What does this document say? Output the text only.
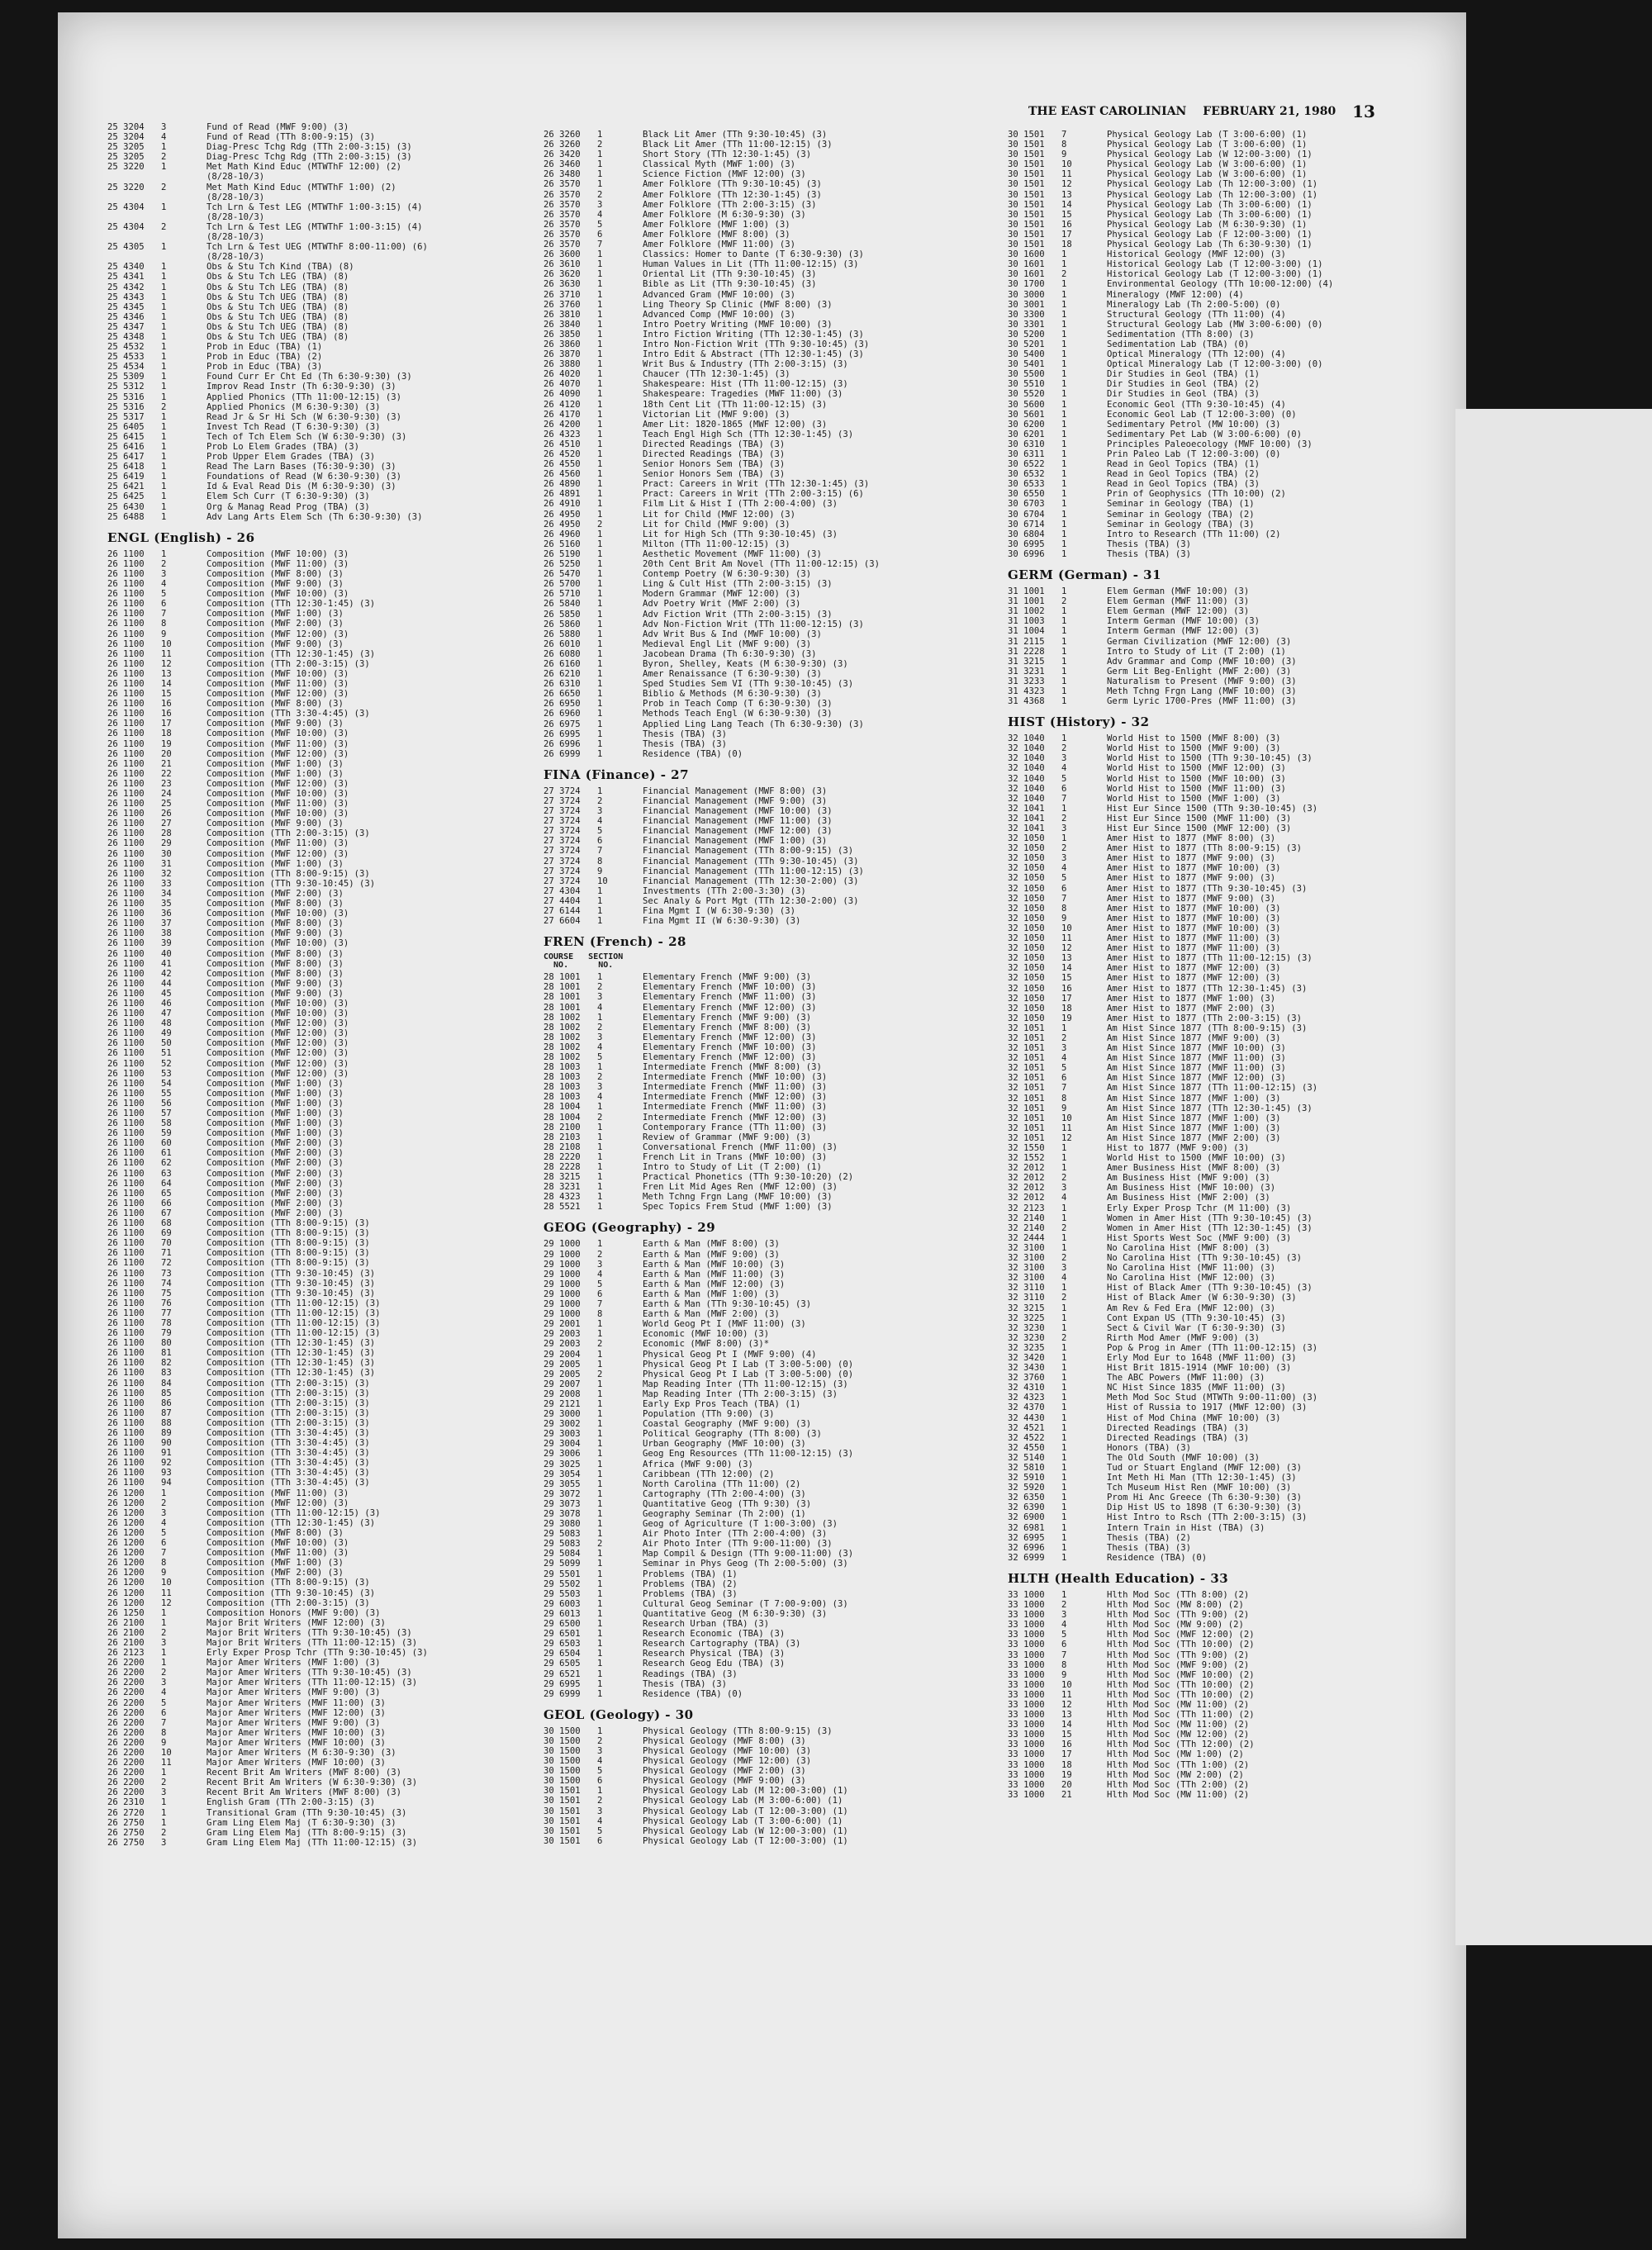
THE EAST CAROLINIAN FEBRUARY 21, 1980 13
25 3204	3	Fund of Read (MWF 9:00) (3)
25 3204	4	Fund of Read (TTh 8:00-9:15) (3)
25 3205	1	Diag-Presc Tchg Rdg (TTh 2:00-3:15) (3)
25 3205	2	Diag-Presc Tchg Rdg (TTh 2:00-3:15) (3)
25 3220	1	Met Math Kind Educ (MTWThF 12:00) (2)
(8/28-10/3)
25 3220	2	Met Math Kind Educ (MTWThF 1:00) (2)
(8/28-10/3)
25 4304	1	Tch Lrn & Test LEG (MTWThF 1:00-3:15) (4)
(8/28-10/3)
25 4304	2	Tch Lrn & Test LEG (MTWThF 1:00-3:15) (4)
(8/28-10/3)
25 4305	1	Tch Lrn & Test UEG (MTWThF 8:00-11:00) (6)
(8/28-10/3)
25 4340	1	Obs & Stu Tch Kind (TBA) (8)
25 4341	1	Obs & Stu Tch LEG (TBA) (8)
25 4342	1	Obs & Stu Tch LEG (TBA) (8)
25 4343	1	Obs & Stu Tch UEG (TBA) (8)
25 4345	1	Obs & Stu Tch UEG (TBA) (8)
25 4346	1	Obs & Stu Tch UEG (TBA) (8)
25 4347	1	Obs & Stu Tch UEG (TBA) (8)
25 4348	1	Obs & Stu Tch UEG (TBA) (8)
25 4532	1	Prob in Educ (TBA) (1)
25 4533	1	Prob in Educ (TBA) (2)
25 4534	1	Prob in Educ (TBA) (3)
25 5309	1	Found Curr Er Cht Ed (Th 6:30-9:30) (3)
25 5312	1	Improv Read Instr (Th 6:30-9:30) (3)
25 5316	1	Applied Phonics (TTh 11:00-12:15) (3)
25 5316	2	Applied Phonics (M 6:30-9:30) (3)
25 5317	1	Read Jr & Sr Hi Sch (W 6:30-9:30) (3)
25 6405	1	Invest Tch Read (T 6:30-9:30) (3)
25 6415	1	Tech of Tch Elem Sch (W 6:30-9:30) (3)
25 6416	1	Prob Lo Elem Grades (TBA) (3)
25 6417	1	Prob Upper Elem Grades (TBA) (3)
25 6418	1	Read The Larn Bases (T6:30-9:30) (3)
25 6419	1	Foundations of Read (W 6:30-9:30) (3)
25 6421	1	Id & Eval Read Dis (M 6:30-9:30) (3)
25 6425	1	Elem Sch Curr (T 6:30-9:30) (3)
25 6430	1	Org & Manag Read Prog (TBA) (3)
25 6488	1	Adv Lang Arts Elem Sch (Th 6:30-9:30) (3)
ENGL (English) - 26
26 1100	1	Composition (MWF 10:00) (3)
26 1100	2	Composition (MWF 11:00) (3)
26 1100	3	Composition (MWF 8:00) (3)
26 1100	4	Composition (MWF 9:00) (3)
26 1100	5	Composition (MWF 10:00) (3)
26 1100	6	Composition (TTh 12:30-1:45) (3)
26 1100	7	Composition (MWF 1:00) (3)
26 1100	8	Composition (MWF 2:00) (3)
26 1100	9	Composition (MWF 12:00) (3)
26 1100	10	Composition (MWF 9:00) (3)
26 1100	11	Composition (TTh 12:30-1:45) (3)
26 1100	12	Composition (TTh 2:00-3:15) (3)
26 1100	13	Composition (MWF 10:00) (3)
26 1100	14	Composition (MWF 11:00) (3)
26 1100	15	Composition (MWF 12:00) (3)
26 1100	16	Composition (MWF 8:00) (3)
26 1100	16	Composition (TTh 3:30-4:45) (3)
26 1100	17	Composition (MWF 9:00) (3)
26 1100	18	Composition (MWF 10:00) (3)
26 1100	19	Composition (MWF 11:00) (3)
26 1100	20	Composition (MWF 12:00) (3)
26 1100	21	Composition (MWF 1:00) (3)
26 1100	22	Composition (MWF 1:00) (3)
26 1100	23	Composition (MWF 12:00) (3)
26 1100	24	Composition (MWF 10:00) (3)
26 1100	25	Composition (MWF 11:00) (3)
26 1100	26	Composition (MWF 10:00) (3)
26 1100	27	Composition (MWF 9:00) (3)
26 1100	28	Composition (TTh 2:00-3:15) (3)
26 1100	29	Composition (MWF 11:00) (3)
26 1100	30	Composition (MWF 12:00) (3)
26 1100	31	Composition (MWF 1:00) (3)
26 1100	32	Composition (TTh 8:00-9:15) (3)
26 1100	33	Composition (TTh 9:30-10:45) (3)
26 1100	34	Composition (MWF 2:00) (3)
26 1100	35	Composition (MWF 8:00) (3)
26 1100	36	Composition (MWF 10:00) (3)
26 1100	37	Composition (MWF 8:00) (3)
26 1100	38	Composition (MWF 9:00) (3)
26 1100	39	Composition (MWF 10:00) (3)
26 1100	40	Composition (MWF 8:00) (3)
26 1100	41	Composition (MWF 8:00) (3)
26 1100	42	Composition (MWF 8:00) (3)
26 1100	44	Composition (MWF 9:00) (3)
26 1100	45	Composition (MWF 9:00) (3)
26 1100	46	Composition (MWF 10:00) (3)
26 1100	47	Composition (MWF 10:00) (3)
26 1100	48	Composition (MWF 12:00) (3)
26 1100	49	Composition (MWF 12:00) (3)
26 1100	50	Composition (MWF 12:00) (3)
26 1100	51	Composition (MWF 12:00) (3)
26 1100	52	Composition (MWF 12:00) (3)
26 1100	53	Composition (MWF 12:00) (3)
26 1100	54	Composition (MWF 1:00) (3)
26 1100	55	Composition (MWF 1:00) (3)
26 1100	56	Composition (MWF 1:00) (3)
26 1100	57	Composition (MWF 1:00) (3)
26 1100	58	Composition (MWF 1:00) (3)
26 1100	59	Composition (MWF 1:00) (3)
26 1100	60	Composition (MWF 2:00) (3)
26 1100	61	Composition (MWF 2:00) (3)
26 1100	62	Composition (MWF 2:00) (3)
26 1100	63	Composition (MWF 2:00) (3)
26 1100	64	Composition (MWF 2:00) (3)
26 1100	65	Composition (MWF 2:00) (3)
26 1100	66	Composition (MWF 2:00) (3)
26 1100	67	Composition (MWF 2:00) (3)
26 1100	68	Composition (TTh 8:00-9:15) (3)
26 1100	69	Composition (TTh 8:00-9:15) (3)
26 1100	70	Composition (TTh 8:00-9:15) (3)
26 1100	71	Composition (TTh 8:00-9:15) (3)
26 1100	72	Composition (TTh 8:00-9:15) (3)
26 1100	73	Composition (TTh 9:30-10:45) (3)
26 1100	74	Composition (TTh 9:30-10:45) (3)
26 1100	75	Composition (TTh 9:30-10:45) (3)
26 1100	76	Composition (TTh 11:00-12:15) (3)
26 1100	77	Composition (TTh 11:00-12:15) (3)
26 1100	78	Composition (TTh 11:00-12:15) (3)
26 1100	79	Composition (TTh 11:00-12:15) (3)
26 1100	80	Composition (TTh 12:30-1:45) (3)
26 1100	81	Composition (TTh 12:30-1:45) (3)
26 1100	82	Composition (TTh 12:30-1:45) (3)
26 1100	83	Composition (TTh 12:30-1:45) (3)
26 1100	84	Composition (TTh 2:00-3:15) (3)
26 1100	85	Composition (TTh 2:00-3:15) (3)
26 1100	86	Composition (TTh 2:00-3:15) (3)
26 1100	87	Composition (TTh 2:00-3:15) (3)
26 1100	88	Composition (TTh 2:00-3:15) (3)
26 1100	89	Composition (TTh 3:30-4:45) (3)
26 1100	90	Composition (TTh 3:30-4:45) (3)
26 1100	91	Composition (TTh 3:30-4:45) (3)
26 1100	92	Composition (TTh 3:30-4:45) (3)
26 1100	93	Composition (TTh 3:30-4:45) (3)
26 1100	94	Composition (TTh 3:30-4:45) (3)
26 1200	1	Composition (MWF 11:00) (3)
26 1200	2	Composition (MWF 12:00) (3)
26 1200	3	Composition (TTh 11:00-12:15) (3)
26 1200	4	Composition (TTh 12:30-1:45) (3)
26 1200	5	Composition (MWF 8:00) (3)
26 1200	6	Composition (MWF 10:00) (3)
26 1200	7	Composition (MWF 11:00) (3)
26 1200	8	Composition (MWF 1:00) (3)
26 1200	9	Composition (MWF 2:00) (3)
26 1200	10	Composition (TTh 8:00-9:15) (3)
26 1200	11	Composition (TTh 9:30-10:45) (3)
26 1200	12	Composition (TTh 2:00-3:15) (3)
26 1250	1	Composition Honors (MWF 9:00) (3)
26 2100	1	Major Brit Writers (MWF 12:00) (3)
26 2100	2	Major Brit Writers (TTh 9:30-10:45) (3)
26 2100	3	Major Brit Writers (TTh 11:00-12:15) (3)
26 2123	1	Erly Exper Prosp Tchr (TTh 9:30-10:45) (3)
26 2200	1	Major Amer Writers (MWF 1:00) (3)
26 2200	2	Major Amer Writers (TTh 9:30-10:45) (3)
26 2200	3	Major Amer Writers (TTh 11:00-12:15) (3)
26 2200	4	Major Amer Writers (MWF 9:00) (3)
26 2200	5	Major Amer Writers (MWF 11:00) (3)
26 2200	6	Major Amer Writers (MWF 12:00) (3)
26 2200	7	Major Amer Writers (MWF 9:00) (3)
26 2200	8	Major Amer Writers (MWF 10:00) (3)
26 2200	9	Major Amer Writers (MWF 10:00) (3)
26 2200	10	Major Amer Writers (M 6:30-9:30) (3)
26 2200	11	Major Amer Writers (MWF 10:00) (3)
26 2200	1	Recent Brit Am Writers (MWF 8:00) (3)
26 2200	2	Recent Brit Am Writers (W 6:30-9:30) (3)
26 2200	3	Recent Brit Am Writers (MWF 8:00) (3)
26 2310	1	English Gram (TTh 2:00-3:15) (3)
26 2720	1	Transitional Gram (TTh 9:30-10:45) (3)
26 2750	1	Gram Ling Elem Maj (T 6:30-9:30) (3)
26 2750	2	Gram Ling Elem Maj (TTh 8:00-9:15) (3)
26 2750	3	Gram Ling Elem Maj (TTh 11:00-12:15) (3)
26 3260	1	Black Lit Amer (TTh 9:30-10:45) (3)
26 3260	2	Black Lit Amer (TTh 11:00-12:15) (3)
26 3420	1	Short Story (TTh 12:30-1:45) (3)
26 3460	1	Classical Myth (MWF 1:00) (3)
26 3480	1	Science Fiction (MWF 12:00) (3)
26 3570	1	Amer Folklore (TTh 9:30-10:45) (3)
26 3570	2	Amer Folklore (TTh 12:30-1:45) (3)
26 3570	3	Amer Folklore (TTh 2:00-3:15) (3)
26 3570	4	Amer Folklore (M 6:30-9:30) (3)
26 3570	5	Amer Folklore (MWF 1:00) (3)
26 3570	6	Amer Folklore (MWF 8:00) (3)
26 3570	7	Amer Folklore (MWF 11:00) (3)
26 3600	1	Classics: Homer to Dante (T 6:30-9:30) (3)
26 3610	1	Human Values in Lit (TTh 11:00-12:15) (3)
26 3620	1	Oriental Lit (TTh 9:30-10:45) (3)
26 3630	1	Bible as Lit (TTh 9:30-10:45) (3)
26 3710	1	Advanced Gram (MWF 10:00) (3)
26 3760	1	Ling Theory Sp Clinic (MWF 8:00) (3)
26 3810	1	Advanced Comp (MWF 10:00) (3)
26 3840	1	Intro Poetry Writing (MWF 10:00) (3)
26 3850	1	Intro Fiction Writing (TTh 12:30-1:45) (3)
26 3860	1	Intro Non-Fiction Writ (TTh 9:30-10:45) (3)
26 3870	1	Intro Edit & Abstract (TTh 12:30-1:45) (3)
26 3880	1	Writ Bus & Industry (TTh 2:00-3:15) (3)
26 4020	1	Chaucer (TTh 12:30-1:45) (3)
26 4070	1	Shakespeare: Hist (TTh 11:00-12:15) (3)
26 4090	1	Shakespeare: Tragedies (MWF 11:00) (3)
26 4120	1	18th Cent Lit (TTh 11:00-12:15) (3)
26 4170	1	Victorian Lit (MWF 9:00) (3)
26 4200	1	Amer Lit: 1820-1865 (MWF 12:00) (3)
26 4323	1	Teach Engl High Sch (TTh 12:30-1:45) (3)
26 4510	1	Directed Readings (TBA) (3)
26 4520	1	Directed Readings (TBA) (3)
26 4550	1	Senior Honors Sem (TBA) (3)
26 4560	1	Senior Honors Sem (TBA) (3)
26 4890	1	Pract: Careers in Writ (TTh 12:30-1:45) (3)
26 4891	1	Pract: Careers in Writ (TTh 2:00-3:15) (6)
26 4910	1	Film Lit & Hist I (TTh 2:00-4:00) (3)
26 4950	1	Lit for Child (MWF 12:00) (3)
26 4950	2	Lit for Child (MWF 9:00) (3)
26 4960	1	Lit for High Sch (TTh 9:30-10:45) (3)
26 5160	1	Milton (TTh 11:00-12:15) (3)
26 5190	1	Aesthetic Movement (MWF 11:00) (3)
26 5250	1	20th Cent Brit Am Novel (TTh 11:00-12:15) (3)
26 5470	1	Contemp Poetry (W 6:30-9:30) (3)
26 5700	1	Ling & Cult Hist (TTh 2:00-3:15) (3)
26 5710	1	Modern Grammar (MWF 12:00) (3)
26 5840	1	Adv Poetry Writ (MWF 2:00) (3)
26 5850	1	Adv Fiction Writ (TTh 2:00-3:15) (3)
26 5860	1	Adv Non-Fiction Writ (TTh 11:00-12:15) (3)
26 5880	1	Adv Writ Bus & Ind (MWF 10:00) (3)
26 6010	1	Medieval Engl Lit (MWF 9:00) (3)
26 6080	1	Jacobean Drama (Th 6:30-9:30) (3)
26 6160	1	Byron, Shelley, Keats (M 6:30-9:30) (3)
26 6210	1	Amer Renaissance (T 6:30-9:30) (3)
26 6310	1	Sped Studies Sem VI (TTh 9:30-10:45) (3)
26 6650	1	Biblio & Methods (M 6:30-9:30) (3)
26 6950	1	Prob in Teach Comp (T 6:30-9:30) (3)
26 6960	1	Methods Teach Engl (W 6:30-9:30) (3)
26 6975	1	Applied Ling Lang Teach (Th 6:30-9:30) (3)
26 6995	1	Thesis (TBA) (3)
26 6996	1	Thesis (TBA) (3)
26 6999	1	Residence (TBA) (0)
FINA (Finance) - 27
27 3724	1	Financial Management (MWF 8:00) (3)
27 3724	2	Financial Management (MWF 9:00) (3)
27 3724	3	Financial Management (MWF 10:00) (3)
27 3724	4	Financial Management (MWF 11:00) (3)
27 3724	5	Financial Management (MWF 12:00) (3)
27 3724	6	Financial Management (MWF 1:00) (3)
27 3724	7	Financial Management (TTh 8:00-9:15) (3)
27 3724	8	Financial Management (TTh 9:30-10:45) (3)
27 3724	9	Financial Management (TTh 11:00-12:15) (3)
27 3724	10	Financial Management (TTh 12:30-2:00) (3)
27 4304	1	Investments (TTh 2:00-3:30) (3)
27 4404	1	Sec Analy & Port Mgt (TTh 12:30-2:00) (3)
27 6144	1	Fina Mgmt I (W 6:30-9:30) (3)
27 6604	1	Fina Mgmt II (W 6:30-9:30) (3)
FREN (French) - 28
COURSE   SECTION
NO.      NO.
28 1001	1	Elementary French (MWF 9:00) (3)
28 1001	2	Elementary French (MWF 10:00) (3)
28 1001	3	Elementary French (MWF 11:00) (3)
28 1001	4	Elementary French (MWF 12:00) (3)
28 1002	1	Elementary French (MWF 9:00) (3)
28 1002	2	Elementary French (MWF 8:00) (3)
28 1002	3	Elementary French (MWF 12:00) (3)
28 1002	4	Elementary French (MWF 10:00) (3)
28 1002	5	Elementary French (MWF 12:00) (3)
28 1003	1	Intermediate French (MWF 8:00) (3)
28 1003	2	Intermediate French (MWF 10:00) (3)
28 1003	3	Intermediate French (MWF 11:00) (3)
28 1003	4	Intermediate French (MWF 12:00) (3)
28 1004	1	Intermediate French (MWF 11:00) (3)
28 1004	2	Intermediate French (MWF 12:00) (3)
28 2100	1	Contemporary France (TTh 11:00) (3)
28 2103	1	Review of Grammar (MWF 9:00) (3)
28 2108	1	Conversational French (MWF 11:00) (3)
28 2220	1	French Lit in Trans (MWF 10:00) (3)
28 2228	1	Intro to Study of Lit (T 2:00) (1)
28 3215	1	Practical Phonetics (TTh 9:30-10:20) (2)
28 3231	1	Fren Lit Mid Ages Ren (MWF 12:00) (3)
28 4323	1	Meth Tchng Frgn Lang (MWF 10:00) (3)
28 5521	1	Spec Topics Frem Stud (MWF 1:00) (3)
GEOG (Geography) - 29
29 1000	1	Earth & Man (MWF 8:00) (3)
29 1000	2	Earth & Man (MWF 9:00) (3)
29 1000	3	Earth & Man (MWF 10:00) (3)
29 1000	4	Earth & Man (MWF 11:00) (3)
29 1000	5	Earth & Man (MWF 12:00) (3)
29 1000	6	Earth & Man (MWF 1:00) (3)
29 1000	7	Earth & Man (TTh 9:30-10:45) (3)
29 1000	8	Earth & Man (MWF 2:00) (3)
29 2001	1	World Geog Pt I (MWF 11:00) (3)
29 2003	1	Economic (MWF 10:00) (3)
29 2003	2	Economic (MWF 8:00) (3)*
29 2004	1	Physical Geog Pt I (MWF 9:00) (4)
29 2005	1	Physical Geog Pt I Lab (T 3:00-5:00) (0)
29 2005	2	Physical Geog Pt I Lab (T 3:00-5:00) (0)
29 2007	1	Map Reading Inter (TTh 11:00-12:15) (3)
29 2008	1	Map Reading Inter (TTh 2:00-3:15) (3)
29 2121	1	Early Exp Pros Teach (TBA) (1)
29 3000	1	Population (TTh 9:00) (3)
29 3002	1	Coastal Geography (MWF 9:00) (3)
29 3003	1	Political Geography (TTh 8:00) (3)
29 3004	1	Urban Geography (MWF 10:00) (3)
29 3006	1	Geog Eng Resources (TTh 11:00-12:15) (3)
29 3025	1	Africa (MWF 9:00) (3)
29 3054	1	Caribbean (TTh 12:00) (2)
29 3055	1	North Carolina (TTh 11:00) (2)
29 3072	1	Cartography (TTh 2:00-4:00) (3)
29 3073	1	Quantitative Geog (TTh 9:30) (3)
29 3078	1	Geography Seminar (Th 2:00) (1)
29 3080	1	Geog of Agriculture (T 1:00-3:00) (3)
29 5083	1	Air Photo Inter (TTh 2:00-4:00) (3)
29 5083	2	Air Photo Inter (TTh 9:00-11:00) (3)
29 5084	1	Map Compil & Design (TTh 9:00-11:00) (3)
29 5099	1	Seminar in Phys Geog (Th 2:00-5:00) (3)
29 5501	1	Problems (TBA) (1)
29 5502	1	Problems (TBA) (2)
29 5503	1	Problems (TBA) (3)
29 6003	1	Cultural Geog Seminar (T 7:00-9:00) (3)
29 6013	1	Quantitative Geog (M 6:30-9:30) (3)
29 6500	1	Research Urban (TBA) (3)
29 6501	1	Research Economic (TBA) (3)
29 6503	1	Research Cartography (TBA) (3)
29 6504	1	Research Physical (TBA) (3)
29 6505	1	Research Geog Edu (TBA) (3)
29 6521	1	Readings (TBA) (3)
29 6995	1	Thesis (TBA) (3)
29 6999	1	Residence (TBA) (0)
GEOL (Geology) - 30
30 1500	1	Physical Geology (TTh 8:00-9:15) (3)
30 1500	2	Physical Geology (MWF 8:00) (3)
30 1500	3	Physical Geology (MWF 10:00) (3)
30 1500	4	Physical Geology (MWF 12:00) (3)
30 1500	5	Physical Geology (MWF 2:00) (3)
30 1500	6	Physical Geology (MWF 9:00) (3)
30 1501	1	Physical Geology Lab (M 12:00-3:00) (1)
30 1501	2	Physical Geology Lab (M 3:00-6:00) (1)
30 1501	3	Physical Geology Lab (T 12:00-3:00) (1)
30 1501	4	Physical Geology Lab (T 3:00-6:00) (1)
30 1501	5	Physical Geology Lab (W 12:00-3:00) (1)
30 1501	6	Physical Geology Lab (T 12:00-3:00) (1)
30 1501	7	Physical Geology Lab (T 3:00-6:00) (1)
30 1501	8	Physical Geology Lab (T 3:00-6:00) (1)
30 1501	9	Physical Geology Lab (W 12:00-3:00) (1)
30 1501	10	Physical Geology Lab (W 3:00-6:00) (1)
30 1501	11	Physical Geology Lab (W 3:00-6:00) (1)
30 1501	12	Physical Geology Lab (Th 12:00-3:00) (1)
30 1501	13	Physical Geology Lab (Th 12:00-3:00) (1)
30 1501	14	Physical Geology Lab (Th 3:00-6:00) (1)
30 1501	15	Physical Geology Lab (Th 3:00-6:00) (1)
30 1501	16	Physical Geology Lab (M 6:30-9:30) (1)
30 1501	17	Physical Geology Lab (F 12:00-3:00) (1)
30 1501	18	Physical Geology Lab (Th 6:30-9:30) (1)
30 1600	1	Historical Geology (MWF 12:00) (3)
30 1601	1	Historical Geology Lab (T 12:00-3:00) (1)
30 1601	2	Historical Geology Lab (T 12:00-3:00) (1)
30 1700	1	Environmental Geology (TTh 10:00-12:00) (4)
30 3000	1	Mineralogy (MWF 12:00) (4)
30 3001	1	Mineralogy Lab (Th 2:00-5:00) (0)
30 3300	1	Structural Geology (TTh 11:00) (4)
30 3301	1	Structural Geology Lab (MW 3:00-6:00) (0)
30 5200	1	Sedimentation (TTh 8:00) (3)
30 5201	1	Sedimentation Lab (TBA) (0)
30 5400	1	Optical Mineralogy (TTh 12:00) (4)
30 5401	1	Optical Mineralogy Lab (T 12:00-3:00) (0)
30 5500	1	Dir Studies in Geol (TBA) (1)
30 5510	1	Dir Studies in Geol (TBA) (2)
30 5520	1	Dir Studies in Geol (TBA) (3)
30 5600	1	Economic Geol (TTh 9:30-10:45) (4)
30 5601	1	Economic Geol Lab (T 12:00-3:00) (0)
30 6200	1	Sedimentary Petrol (MW 10:00) (3)
30 6201	1	Sedimentary Pet Lab (W 3:00-6:00) (0)
30 6310	1	Principles Paleoecology (MWF 10:00) (3)
30 6311	1	Prin Paleo Lab (T 12:00-3:00) (0)
30 6522	1	Read in Geol Topics (TBA) (1)
30 6532	1	Read in Geol Topics (TBA) (2)
30 6533	1	Read in Geol Topics (TBA) (3)
30 6550	1	Prin of Geophysics (TTh 10:00) (2)
30 6703	1	Seminar in Geology (TBA) (1)
30 6704	1	Seminar in Geology (TBA) (2)
30 6714	1	Seminar in Geology (TBA) (3)
30 6804	1	Intro to Research (TTh 11:00) (2)
30 6995	1	Thesis (TBA) (3)
30 6996	1	Thesis (TBA) (3)
GERM (German) - 31
31 1001	1	Elem German (MWF 10:00) (3)
31 1001	2	Elem German (MWF 11:00) (3)
31 1002	1	Elem German (MWF 12:00) (3)
31 1003	1	Interm German (MWF 10:00) (3)
31 1004	1	Interm German (MWF 12:00) (3)
31 2115	1	German Civilization (MWF 12:00) (3)
31 2228	1	Intro to Study of Lit (T 2:00) (1)
31 3215	1	Adv Grammar and Comp (MWF 10:00) (3)
31 3231	1	Germ Lit Beg-Enlight (MWF 2:00) (3)
31 3233	1	Naturalism to Present (MWF 9:00) (3)
31 4323	1	Meth Tchng Frgn Lang (MWF 10:00) (3)
31 4368	1	Germ Lyric 1700-Pres (MWF 11:00) (3)
HIST (History) - 32
32 1040	1	World Hist to 1500 (MWF 8:00) (3)
32 1040	2	World Hist to 1500 (MWF 9:00) (3)
32 1040	3	World Hist to 1500 (TTh 9:30-10:45) (3)
32 1040	4	World Hist to 1500 (MWF 12:00) (3)
32 1040	5	World Hist to 1500 (MWF 10:00) (3)
32 1040	6	World Hist to 1500 (MWF 11:00) (3)
32 1040	7	World Hist to 1500 (MWF 1:00) (3)
32 1041	1	Hist Eur Since 1500 (TTh 9:30-10:45) (3)
32 1041	2	Hist Eur Since 1500 (MWF 11:00) (3)
32 1041	3	Hist Eur Since 1500 (MWF 12:00) (3)
32 1050	1	Amer Hist to 1877 (MWF 8:00) (3)
32 1050	2	Amer Hist to 1877 (TTh 8:00-9:15) (3)
32 1050	3	Amer Hist to 1877 (MWF 9:00) (3)
32 1050	4	Amer Hist to 1877 (MWF 10:00) (3)
32 1050	5	Amer Hist to 1877 (MWF 9:00) (3)
32 1050	6	Amer Hist to 1877 (TTh 9:30-10:45) (3)
32 1050	7	Amer Hist to 1877 (MWF 9:00) (3)
32 1050	8	Amer Hist to 1877 (MWF 10:00) (3)
32 1050	9	Amer Hist to 1877 (MWF 10:00) (3)
32 1050	10	Amer Hist to 1877 (MWF 10:00) (3)
32 1050	11	Amer Hist to 1877 (MWF 11:00) (3)
32 1050	12	Amer Hist to 1877 (MWF 11:00) (3)
32 1050	13	Amer Hist to 1877 (TTh 11:00-12:15) (3)
32 1050	14	Amer Hist to 1877 (MWF 12:00) (3)
32 1050	15	Amer Hist to 1877 (MWF 12:00) (3)
32 1050	16	Amer Hist to 1877 (TTh 12:30-1:45) (3)
32 1050	17	Amer Hist to 1877 (MWF 1:00) (3)
32 1050	18	Amer Hist to 1877 (MWF 2:00) (3)
32 1050	19	Amer Hist to 1877 (TTh 2:00-3:15) (3)
32 1051	1	Am Hist Since 1877 (TTh 8:00-9:15) (3)
32 1051	2	Am Hist Since 1877 (MWF 9:00) (3)
32 1051	3	Am Hist Since 1877 (MWF 10:00) (3)
32 1051	4	Am Hist Since 1877 (MWF 11:00) (3)
32 1051	5	Am Hist Since 1877 (MWF 11:00) (3)
32 1051	6	Am Hist Since 1877 (MWF 12:00) (3)
32 1051	7	Am Hist Since 1877 (TTh 11:00-12:15) (3)
32 1051	8	Am Hist Since 1877 (MWF 1:00) (3)
32 1051	9	Am Hist Since 1877 (TTh 12:30-1:45) (3)
32 1051	10	Am Hist Since 1877 (MWF 1:00) (3)
32 1051	11	Am Hist Since 1877 (MWF 1:00) (3)
32 1051	12	Am Hist Since 1877 (MWF 2:00) (3)
32 1550	1	Hist to 1877 (MWF 9:00) (3)
32 1552	1	World Hist to 1500 (MWF 10:00) (3)
32 2012	1	Amer Business Hist (MWF 8:00) (3)
32 2012	2	Am Business Hist (MWF 9:00) (3)
32 2012	3	Am Business Hist (MWF 10:00) (3)
32 2012	4	Am Business Hist (MWF 2:00) (3)
32 2123	1	Erly Exper Prosp Tchr (M 11:00) (3)
32 2140	1	Women in Amer Hist (TTh 9:30-10:45) (3)
32 2140	2	Women in Amer Hist (TTh 12:30-1:45) (3)
32 2444	1	Hist Sports West Soc (MWF 9:00) (3)
32 3100	1	No Carolina Hist (MWF 8:00) (3)
32 3100	2	No Carolina Hist (TTh 9:30-10:45) (3)
32 3100	3	No Carolina Hist (MWF 11:00) (3)
32 3100	4	No Carolina Hist (MWF 12:00) (3)
32 3110	1	Hist of Black Amer (TTh 9:30-10:45) (3)
32 3110	2	Hist of Black Amer (W 6:30-9:30) (3)
32 3215	1	Am Rev & Fed Era (MWF 12:00) (3)
32 3225	1	Cont Expan US (TTh 9:30-10:45) (3)
32 3230	1	Sect & Civil War (T 6:30-9:30) (3)
32 3230	2	Rirth Mod Amer (MWF 9:00) (3)
32 3235	1	Pop & Prog in Amer (TTh 11:00-12:15) (3)
32 3420	1	Erly Mod Eur to 1648 (MWF 11:00) (3)
32 3430	1	Hist Brit 1815-1914 (MWF 10:00) (3)
32 3760	1	The ABC Powers (MWF 11:00) (3)
32 4310	1	NC Hist Since 1835 (MWF 11:00) (3)
32 4323	1	Meth Mod Soc Stud (MTWTh 9:00-11:00) (3)
32 4370	1	Hist of Russia to 1917 (MWF 12:00) (3)
32 4430	1	Hist of Mod China (MWF 10:00) (3)
32 4521	1	Directed Readings (TBA) (3)
32 4522	1	Directed Readings (TBA) (3)
32 4550	1	Honors (TBA) (3)
32 5140	1	The Old South (MWF 10:00) (3)
32 5810	1	Tud or Stuart England (MWF 12:00) (3)
32 5910	1	Int Meth Hi Man (TTh 12:30-1:45) (3)
32 5920	1	Tch Museum Hist Ren (MWF 10:00) (3)
32 6350	1	Prom Hi Anc Greece (Th 6:30-9:30) (3)
32 6390	1	Dip Hist US to 1898 (T 6:30-9:30) (3)
32 6900	1	Hist Intro to Rsch (TTh 2:00-3:15) (3)
32 6981	1	Intern Train in Hist (TBA) (3)
32 6995	1	Thesis (TBA) (2)
32 6996	1	Thesis (TBA) (3)
32 6999	1	Residence (TBA) (0)
HLTH (Health Education) - 33
33 1000	1	Hlth Mod Soc (TTh 8:00) (2)
33 1000	2	Hlth Mod Soc (MW 8:00) (2)
33 1000	3	Hlth Mod Soc (TTh 9:00) (2)
33 1000	4	Hlth Mod Soc (MW 9:00) (2)
33 1000	5	Hlth Mod Soc (MWF 12:00) (2)
33 1000	6	Hlth Mod Soc (TTh 10:00) (2)
33 1000	7	Hlth Mod Soc (TTh 9:00) (2)
33 1000	8	Hlth Mod Soc (MWF 9:00) (2)
33 1000	9	Hlth Mod Soc (MWF 10:00) (2)
33 1000	10	Hlth Mod Soc (TTh 10:00) (2)
33 1000	11	Hlth Mod Soc (TTh 10:00) (2)
33 1000	12	Hlth Mod Soc (MW 11:00) (2)
33 1000	13	Hlth Mod Soc (TTh 11:00) (2)
33 1000	14	Hlth Mod Soc (MW 11:00) (2)
33 1000	15	Hlth Mod Soc (MW 12:00) (2)
33 1000	16	Hlth Mod Soc (TTh 12:00) (2)
33 1000	17	Hlth Mod Soc (MW 1:00) (2)
33 1000	18	Hlth Mod Soc (TTh 1:00) (2)
33 1000	19	Hlth Mod Soc (MW 2:00) (2)
33 1000	20	Hlth Mod Soc (TTh 2:00) (2)
33 1000	21	Hlth Mod Soc (MW 11:00) (2)
